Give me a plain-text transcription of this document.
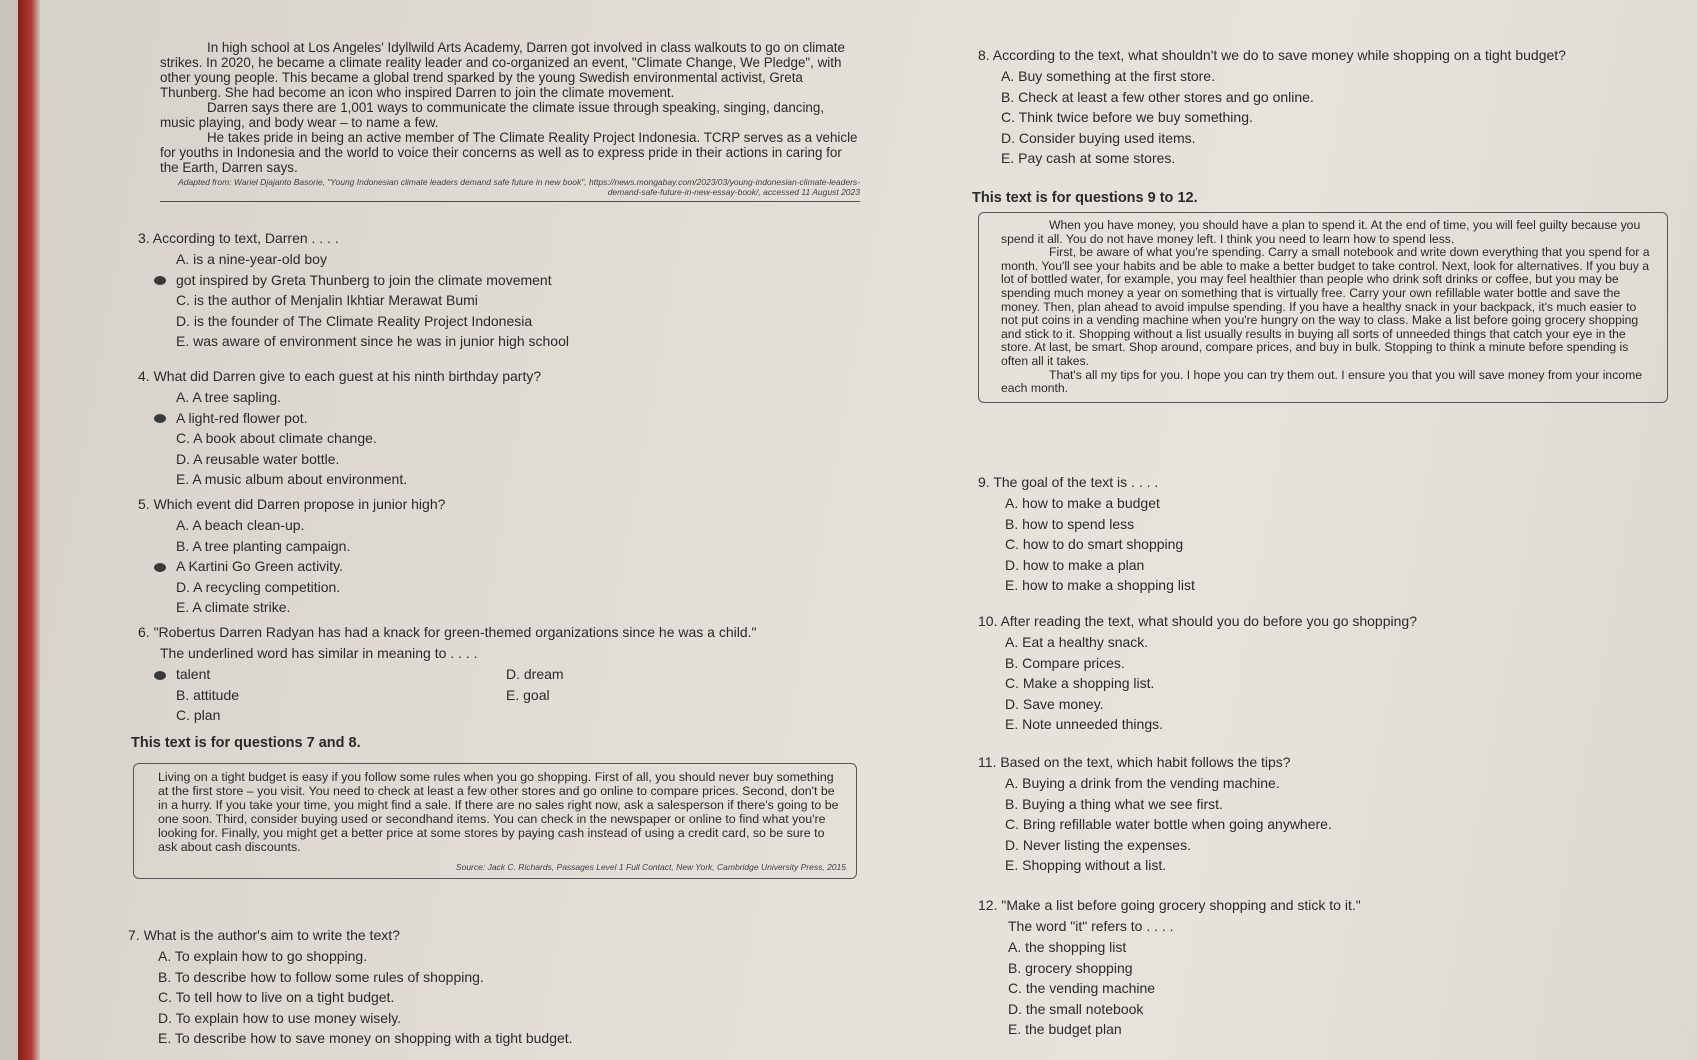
In high school at Los Angeles' Idyllwild Arts Academy, Darren got involved in class walkouts to go on climate strikes. In 2020, he became a climate reality leader and co-organized an event, "Climate Change, We Pledge", with other young people. This became a global trend sparked by the young Swedish environmental activist, Greta Thunberg. She had become an icon who inspired Darren to join the climate movement.

Darren says there are 1,001 ways to communicate the climate issue through speaking, singing, dancing, music playing, and body wear – to name a few.

He takes pride in being an active member of The Climate Reality Project Indonesia. TCRP serves as a vehicle for youths in Indonesia and the world to voice their concerns as well as to express pride in their actions in caring for the Earth, Darren says.

Adapted from: Wariel Djajanto Basorie, "Young Indonesian climate leaders demand safe future in new book", https://news.mongabay.com/2023/03/young-indonesian-climate-leaders-demand-safe-future-in-new-essay-book/, accessed 11 August 2023

3. According to text, Darren . . . .

A. is a nine-year-old boy
got inspired by Greta Thunberg to join the climate movement
C. is the author of Menjalin Ikhtiar Merawat Bumi
D. is the founder of The Climate Reality Project Indonesia
E. was aware of environment since he was in junior high school

4. What did Darren give to each guest at his ninth birthday party?

A. A tree sapling.
A light-red flower pot.
C. A book about climate change.
D. A reusable water bottle.
E. A music album about environment.

5. Which event did Darren propose in junior high?

A. A beach clean-up.
B. A tree planting campaign.
A Kartini Go Green activity.
D. A recycling competition.
E. A climate strike.

6. "Robertus Darren Radyan has had a knack for green-themed organizations since he was a child."

The underlined word has similar in meaning to . . . .

talent	D. dream
B. attitude	E. goal
C. plan

This text is for questions 7 and 8.

Living on a tight budget is easy if you follow some rules when you go shopping. First of all, you should never buy something at the first store – you visit. You need to check at least a few other stores and go online to compare prices. Second, don't be in a hurry. If you take your time, you might find a sale. If there are no sales right now, ask a salesperson if there's going to be one soon. Third, consider buying used or secondhand items. You can check in the newspaper or online to find what you're looking for. Finally, you might get a better price at some stores by paying cash instead of using a credit card, so be sure to ask about cash discounts.

Source: Jack C. Richards, Passages Level 1 Full Contact, New York, Cambridge University Press, 2015

7. What is the author's aim to write the text?

A. To explain how to go shopping.
B. To describe how to follow some rules of shopping.
C. To tell how to live on a tight budget.
D. To explain how to use money wisely.
E. To describe how to save money on shopping with a tight budget.

8. According to the text, what shouldn't we do to save money while shopping on a tight budget?

A. Buy something at the first store.
B. Check at least a few other stores and go online.
C. Think twice before we buy something.
D. Consider buying used items.
E. Pay cash at some stores.

This text is for questions 9 to 12.

When you have money, you should have a plan to spend it. At the end of time, you will feel guilty because you spend it all. You do not have money left. I think you need to learn how to spend less.

First, be aware of what you're spending. Carry a small notebook and write down everything that you spend for a month. You'll see your habits and be able to make a better budget to take control. Next, look for alternatives. If you buy a lot of bottled water, for example, you may feel healthier than people who drink soft drinks or coffee, but you may be spending much money a year on something that is virtually free. Carry your own refillable water bottle and save the money. Then, plan ahead to avoid impulse spending. If you have a healthy snack in your backpack, it's much easier to not put coins in a vending machine when you're hungry on the way to class. Make a list before going grocery shopping and stick to it. Shopping without a list usually results in buying all sorts of unneeded things that catch your eye in the store. At last, be smart. Shop around, compare prices, and buy in bulk. Stopping to think a minute before spending is often all it takes.

That's all my tips for you. I hope you can try them out. I ensure you that you will save money from your income each month.

9. The goal of the text is . . . .

A. how to make a budget
B. how to spend less
C. how to do smart shopping
D. how to make a plan
E. how to make a shopping list

10. After reading the text, what should you do before you go shopping?

A. Eat a healthy snack.
B. Compare prices.
C. Make a shopping list.
D. Save money.
E. Note unneeded things.

11. Based on the text, which habit follows the tips?

A. Buying a drink from the vending machine.
B. Buying a thing what we see first.
C. Bring refillable water bottle when going anywhere.
D. Never listing the expenses.
E. Shopping without a list.

12. "Make a list before going grocery shopping and stick to it."

The word "it" refers to . . . .

A. the shopping list
B. grocery shopping
C. the vending machine
D. the small notebook
E. the budget plan
